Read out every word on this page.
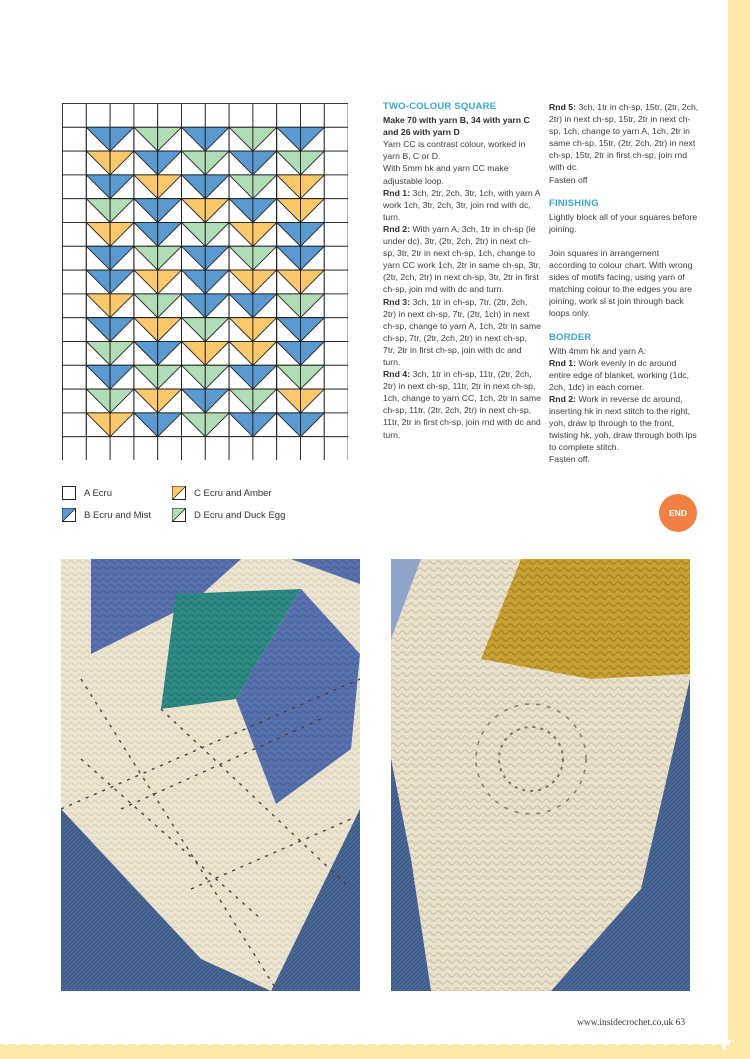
A Ecru	C Ecru and Amber
B Ecru and Mist	D Ecru and Duck Egg

TWO-COLOUR SQUARE

Make 70 with yarn B, 34 with yarn C and 26 with yarn D

Yarn CC is contrast colour, worked in yarn B, C or D.

With 5mm hk and yarn CC make adjustable loop.

Rnd 1: 3ch, 2tr, 2ch, 3tr, 1ch, with yarn A work 1ch, 3tr, 2ch, 3tr, join rnd with dc, turn.

Rnd 2: With yarn A, 3ch, 1tr in ch-sp (ie under dc), 3tr, (2tr, 2ch, 2tr) in next ch-sp, 3tr, 2tr in next ch-sp, 1ch, change to yarn CC work 1ch, 2tr in same ch-sp, 3tr, (2tr, 2ch, 2tr) in next ch-sp, 3tr, 2tr in first ch-sp, join rnd with dc and turn.

Rnd 3: 3ch, 1tr in ch-sp, 7tr, (2tr, 2ch, 2tr) in next ch-sp, 7tr, (2tr, 1ch) in next ch-sp, change to yarn A, 1ch, 2tr in same ch-sp, 7tr, (2tr, 2ch, 2tr) in next ch-sp, 7tr, 2tr in first ch-sp, join with dc and turn.

Rnd 4: 3ch, 1tr in ch-sp, 11tr, (2tr, 2ch, 2tr) in next ch-sp, 11tr, 2tr in next ch-sp, 1ch, change to yarn CC, 1ch, 2tr in same ch-sp, 11tr, (2tr, 2ch, 2tr) in next ch-sp, 11tr, 2tr in first ch-sp, join rnd with dc and turn.

Rnd 5: 3ch, 1tr in ch-sp, 15tr, (2tr, 2ch, 2tr) in next ch-sp, 15tr, 2tr in next ch-sp, 1ch, change to yarn A, 1ch, 2tr in same ch-sp, 15tr, (2tr, 2ch, 2tr) in next ch-sp, 15tr, 2tr in first ch-sp, join rnd with dc.

Fasten off

FINISHING

Lightly block all of your squares before joining.

Join squares in arrangement according to colour chart. With wrong sides of motifs facing, using yarn of matching colour to the edges you are joining, work sl st join through back loops only.

BORDER

With 4mm hk and yarn A:

Rnd 1: Work evenly in dc around entire edge of blanket, working (1dc, 2ch, 1dc) in each corner.

Rnd 2: Work in reverse dc around, inserting hk in next stitch to the right, yoh, draw lp through to the front, twisting hk, yoh, draw through both lps to complete stitch.

Fasten off.

END
www.insidecrochet.co.uk 63
